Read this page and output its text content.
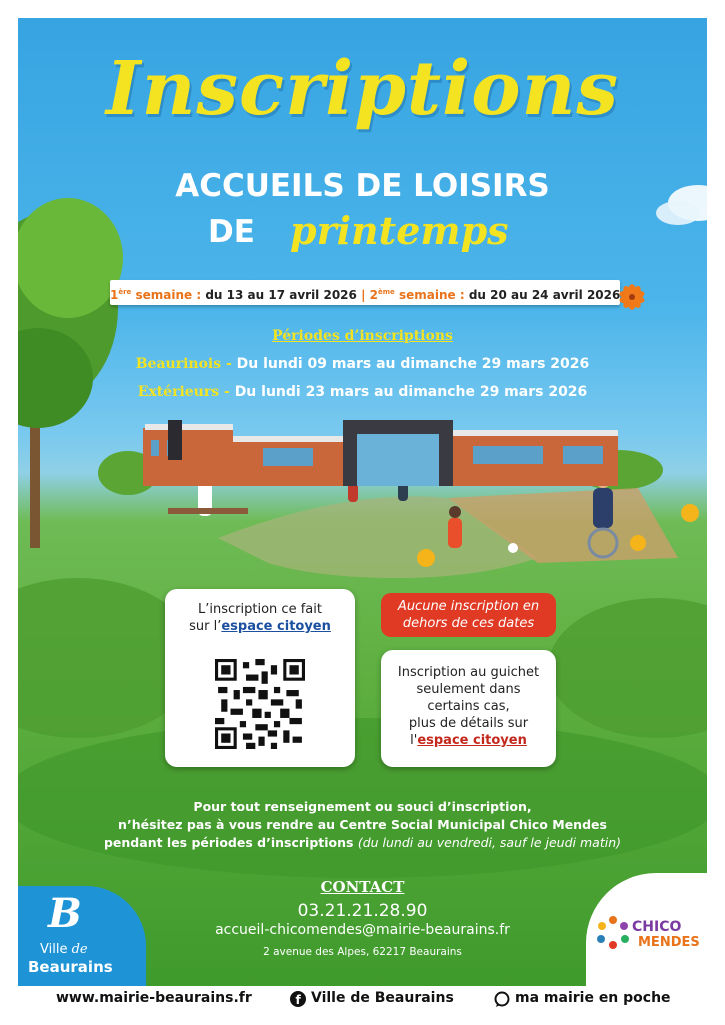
Inscriptions
ACCUEILS DE LOISIRS
DE printemps
1ère semaine : du 13 au 17 avril 2026 | 2ème semaine : du 20 au 24 avril 2026
Périodes d’inscriptions
Beaurinois - Du lundi 09 mars au dimanche 29 mars 2026
Extérieurs - Du lundi 23 mars au dimanche 29 mars 2026
L’inscription ce fait
sur l’espace citoyen
Aucune inscription en
dehors de ces dates
Inscription au guichet
seulement dans
certains cas,
plus de détails sur
l'espace citoyen
Pour tout renseignement ou souci d’inscription,
n’hésitez pas à vous rendre au Centre Social Municipal Chico Mendes
pendant les périodes d’inscriptions (du lundi au vendredi, sauf le jeudi matin)
CONTACT
03.21.21.28.90
accueil-chicomendes@mairie-beaurains.fr
2 avenue des Alpes, 62217 Beaurains
B
Ville de
Beaurains
CHICO
MENDES
www.mairie-beaurains.fr	f Ville de Beaurains	ma mairie en poche
